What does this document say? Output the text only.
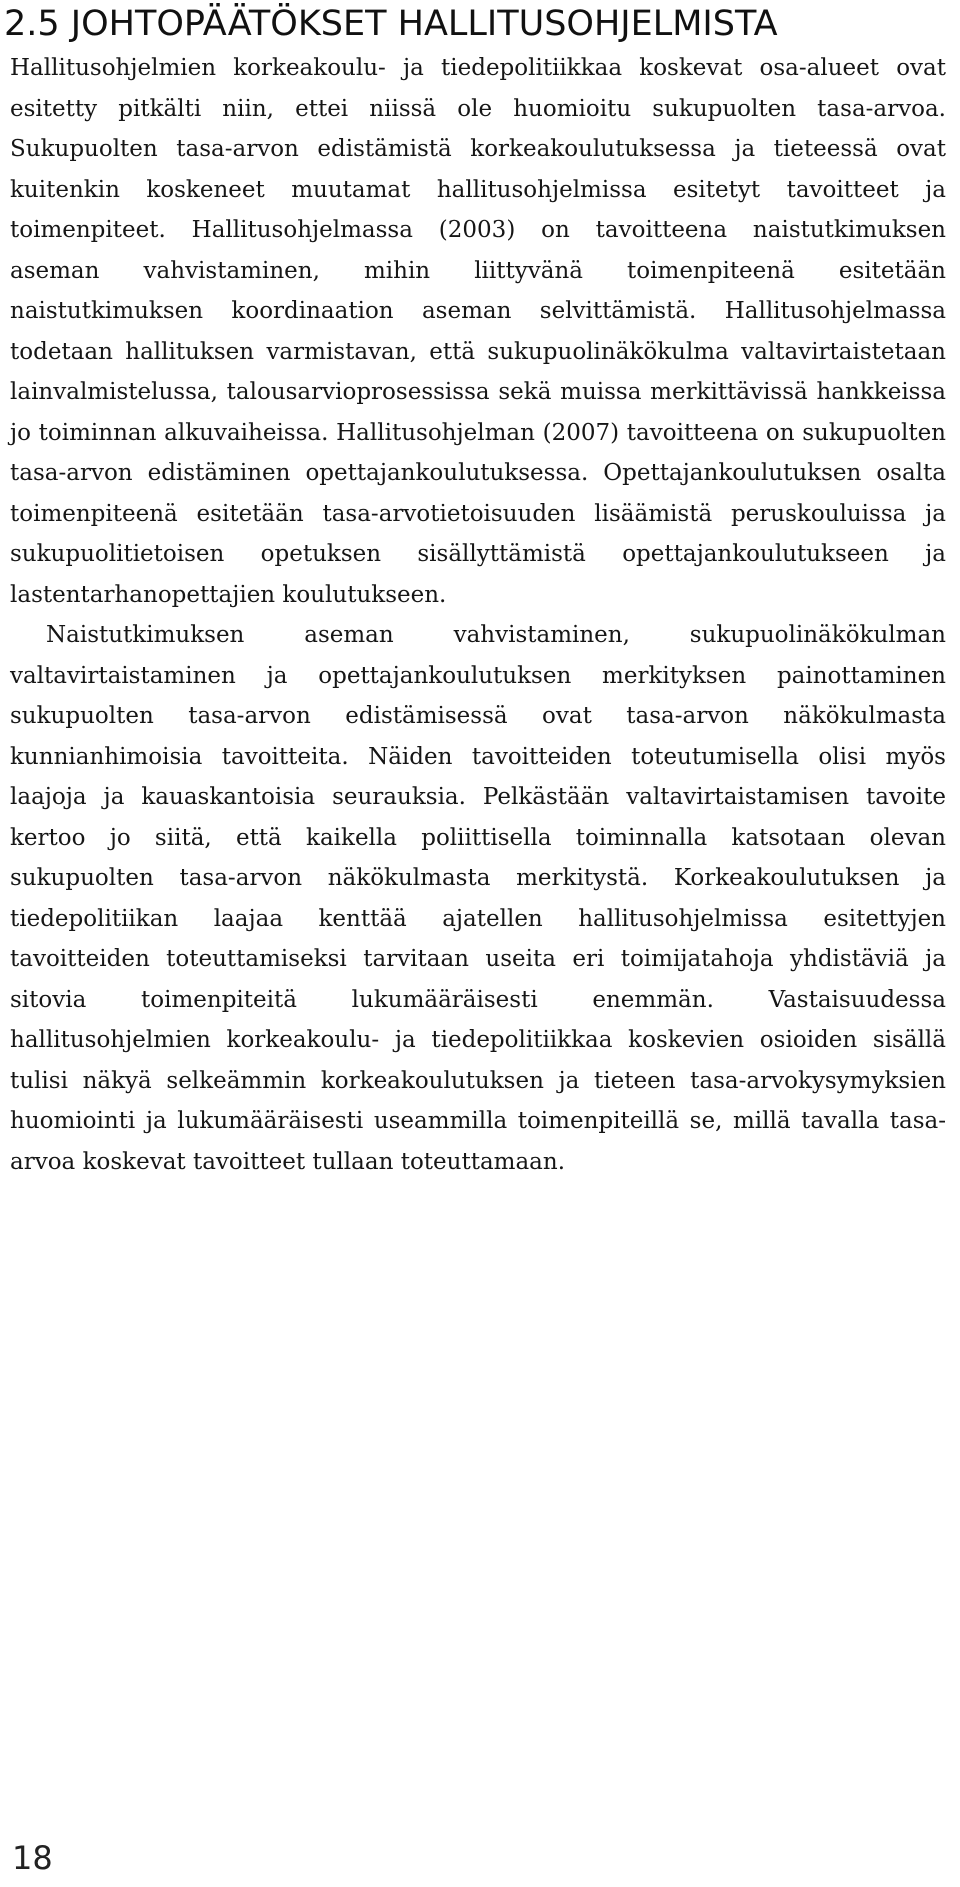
2.5 JOHTOPÄÄTÖKSET HALLITUSOHJELMISTA

Hallitusohjelmien korkeakoulu- ja tiedepolitiikkaa koskevat osa-alueet ovat esitetty pitkälti niin, ettei niissä ole huomioitu sukupuolten tasa-arvoa. Sukupuolten tasa-arvon edistämistä korkeakoulutuksessa ja tieteessä ovat kuitenkin koskeneet muutamat hallitusohjelmissa esitetyt tavoitteet ja toimenpiteet. Hallitusohjelmassa (2003) on tavoitteena naistutkimuksen aseman vahvistaminen, mihin liittyvänä toimenpiteenä esitetään naistutkimuksen koordinaation aseman selvittämistä. Hallitusohjelmassa todetaan hallituksen varmistavan, että sukupuolinäkökulma valtavirtaistetaan lainvalmistelussa, talousarvioprosessissa sekä muissa merkittävissä hankkeissa jo toiminnan alkuvaiheissa. Hallitusohjelman (2007) tavoitteena on sukupuolten tasa-arvon edistäminen opettajankoulutuksessa. Opettajankoulutuksen osalta toimenpiteenä esitetään tasa-arvotietoisuuden lisäämistä peruskouluissa ja sukupuolitietoisen opetuksen sisällyttämistä opettajankoulutukseen ja lastentarhanopettajien koulutukseen.

Naistutkimuksen aseman vahvistaminen, sukupuolinäkökulman valtavirtaistaminen ja opettajankoulutuksen merkityksen painottaminen sukupuolten tasa-arvon edistämisessä ovat tasa-arvon näkökulmasta kunnianhimoisia tavoitteita. Näiden tavoitteiden toteutumisella olisi myös laajoja ja kauaskantoisia seurauksia. Pelkästään valtavirtaistamisen tavoite kertoo jo siitä, että kaikella poliittisella toiminnalla katsotaan olevan sukupuolten tasa-arvon näkökulmasta merkitystä. Korkeakoulutuksen ja tiedepolitiikan laajaa kenttää ajatellen hallitusohjelmissa esitettyjen tavoitteiden toteuttamiseksi tarvitaan useita eri toimijatahoja yhdistäviä ja sitovia toimenpiteitä lukumääräisesti enemmän. Vastaisuudessa hallitusohjelmien korkeakoulu- ja tiedepolitiikkaa koskevien osioiden sisällä tulisi näkyä selkeämmin korkeakoulutuksen ja tieteen tasa-arvokysymyksien huomiointi ja lukumääräisesti useammilla toimenpiteillä se, millä tavalla tasa-arvoa koskevat tavoitteet tullaan toteuttamaan.

18
